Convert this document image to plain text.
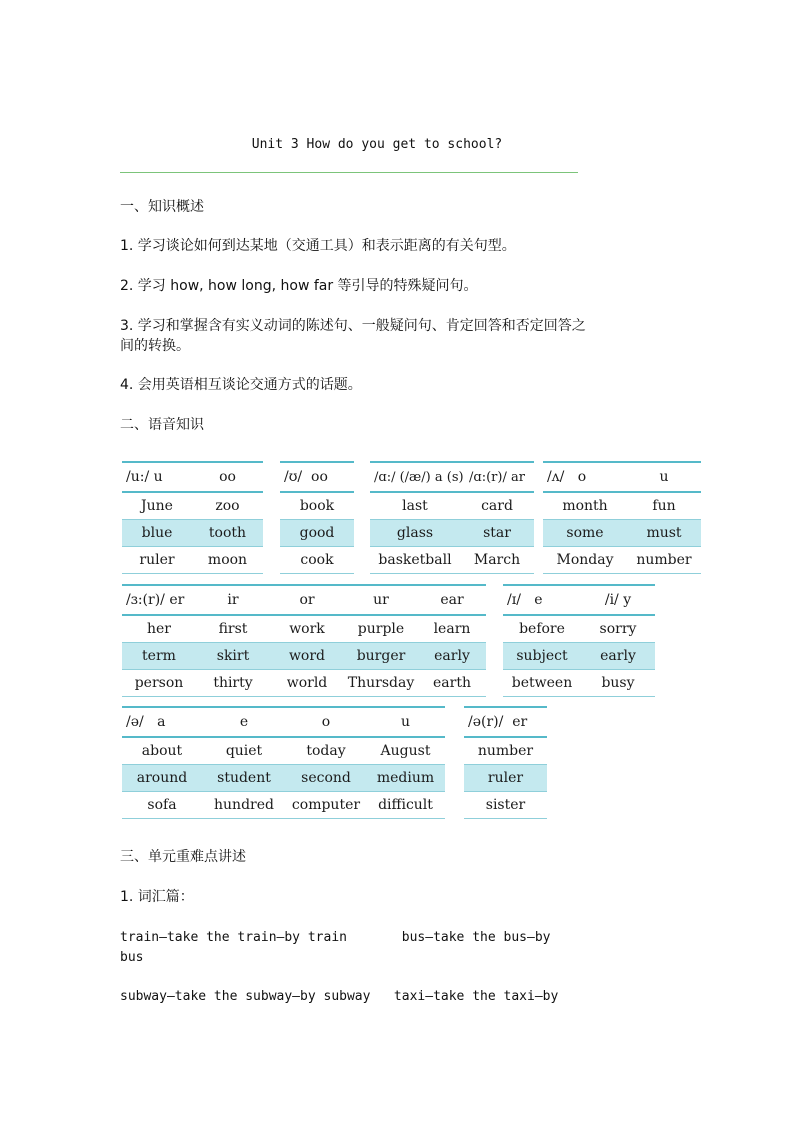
Unit 3 How do you get to school?
一、知识概述
1. 学习谈论如何到达某地（交通工具）和表示距离的有关句型。
2. 学习 how, how long, how far 等引导的特殊疑问句。
3. 学习和掌握含有实义动词的陈述句、一般疑问句、肯定回答和否定回答之间的转换。
4. 会用英语相互谈论交通方式的话题。
二、语音知识
/u:/ u	oo
June	zoo
blue	tooth
ruler	moon
/ʊ/ oo
book
good
cook
/ɑ:/ (/æ/) a (s)	/ɑ:(r)/ ar
last	card
glass	star
basketball	March
/ʌ/ o	u
month	fun
some	must
Monday	number
/ɜ:(r)/ er	ir	or	ur	ear
her	first	work	purple	learn
term	skirt	word	burger	early
person	thirty	world	Thursday	earth
/ɪ/ e	/i/ y
before	sorry
subject	early
between	busy
/ə/ a	e	o	u
about	quiet	today	August
around	student	second	medium
sofa	hundred	computer	difficult
/ə(r)/ er
number
ruler
sister
三、单元重难点讲述
1. 词汇篇：
train—take the train—by train       bus—take the bus—by
bus
subway—take the subway—by subway   taxi—take the taxi—by
